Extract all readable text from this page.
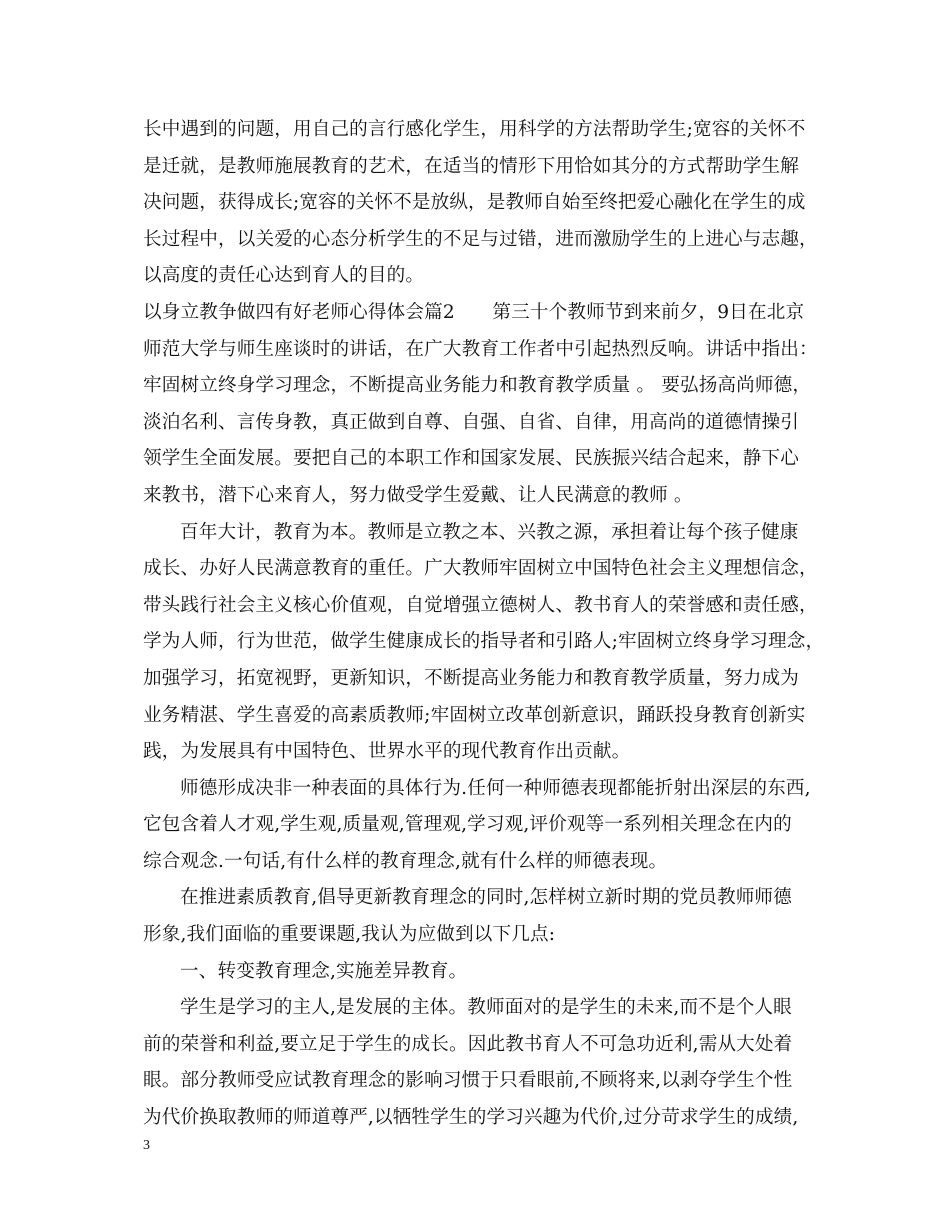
长中遇到的问题，用自己的言行感化学生，用科学的方法帮助学生;宽容的关怀不
是迁就，是教师施展教育的艺术，在适当的情形下用恰如其分的方式帮助学生解
决问题，获得成长;宽容的关怀不是放纵，是教师自始至终把爱心融化在学生的成
长过程中，以关爱的心态分析学生的不足与过错，进而激励学生的上进心与志趣，
以高度的责任心达到育人的目的。
以身立教争做四有好老师心得体会篇2　　第三十个教师节到来前夕，9日在北京
师范大学与师生座谈时的讲话，在广大教育工作者中引起热烈反响。讲话中指出：
牢固树立终身学习理念，不断提高业务能力和教育教学质量 。 要弘扬高尚师德，
淡泊名利、言传身教，真正做到自尊、自强、自省、自律，用高尚的道德情操引
领学生全面发展。要把自己的本职工作和国家发展、民族振兴结合起来，静下心
来教书，潜下心来育人，努力做受学生爱戴、让人民满意的教师 。
百年大计，教育为本。教师是立教之本、兴教之源，承担着让每个孩子健康
成长、办好人民满意教育的重任。广大教师牢固树立中国特色社会主义理想信念，
带头践行社会主义核心价值观，自觉增强立德树人、教书育人的荣誉感和责任感，
学为人师，行为世范，做学生健康成长的指导者和引路人;牢固树立终身学习理念，
加强学习，拓宽视野，更新知识，不断提高业务能力和教育教学质量，努力成为
业务精湛、学生喜爱的高素质教师;牢固树立改革创新意识，踊跃投身教育创新实
践，为发展具有中国特色、世界水平的现代教育作出贡献。
师德形成决非一种表面的具体行为.任何一种师德表现都能折射出深层的东西,
它包含着人才观,学生观,质量观,管理观,学习观,评价观等一系列相关理念在内的
综合观念.一句话,有什么样的教育理念,就有什么样的师德表现。
在推进素质教育,倡导更新教育理念的同时,怎样树立新时期的党员教师师德
形象,我们面临的重要课题,我认为应做到以下几点:
一、转变教育理念,实施差异教育。
学生是学习的主人,是发展的主体。教师面对的是学生的未来,而不是个人眼
前的荣誉和利益,要立足于学生的成长。因此教书育人不可急功近利,需从大处着
眼。部分教师受应试教育理念的影响习惯于只看眼前,不顾将来,以剥夺学生个性
为代价换取教师的师道尊严,以牺牲学生的学习兴趣为代价,过分苛求学生的成绩,
3
